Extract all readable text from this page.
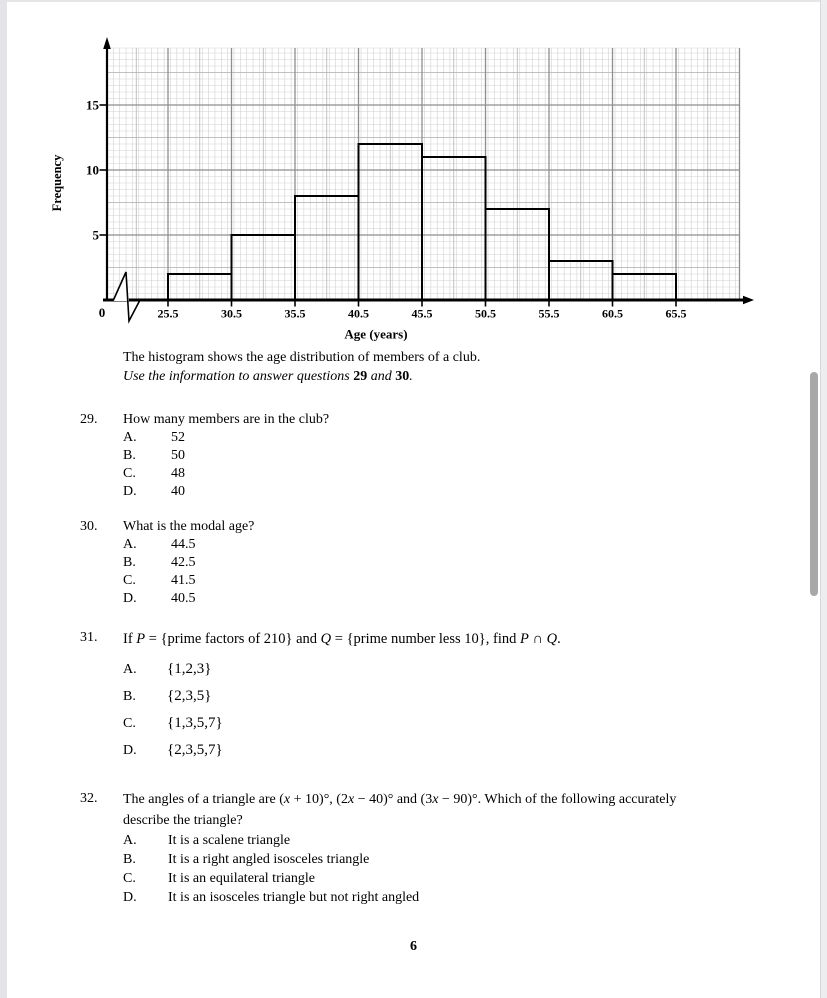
5
10
15
0	25.5	30.5	35.5	40.5	45.5	50.5	55.5	60.5	65.5
Age (years)
Frequency
The histogram shows the age distribution of members of a club.
Use the information to answer questions 29 and 30.
29.	How many members are in the club?
A.	52
B.	50
C.	48
D.	40
30.	What is the modal age?
A.	44.5
B.	42.5
C.	41.5
D.	40.5
31.	If P = {prime factors of 210} and Q = {prime number less 10}, find P ∩ Q.
A.	{1,2,3}
B.	{2,3,5}
C.	{1,3,5,7}
D.	{2,3,5,7}
32.	The angles of a triangle are (x + 10)°, (2x − 40)° and (3x − 90)°. Which of the following accurately describe the triangle?
A.	It is a scalene triangle
B.	It is a right angled isosceles triangle
C.	It is an equilateral triangle
D.	It is an isosceles triangle but not right angled
6
